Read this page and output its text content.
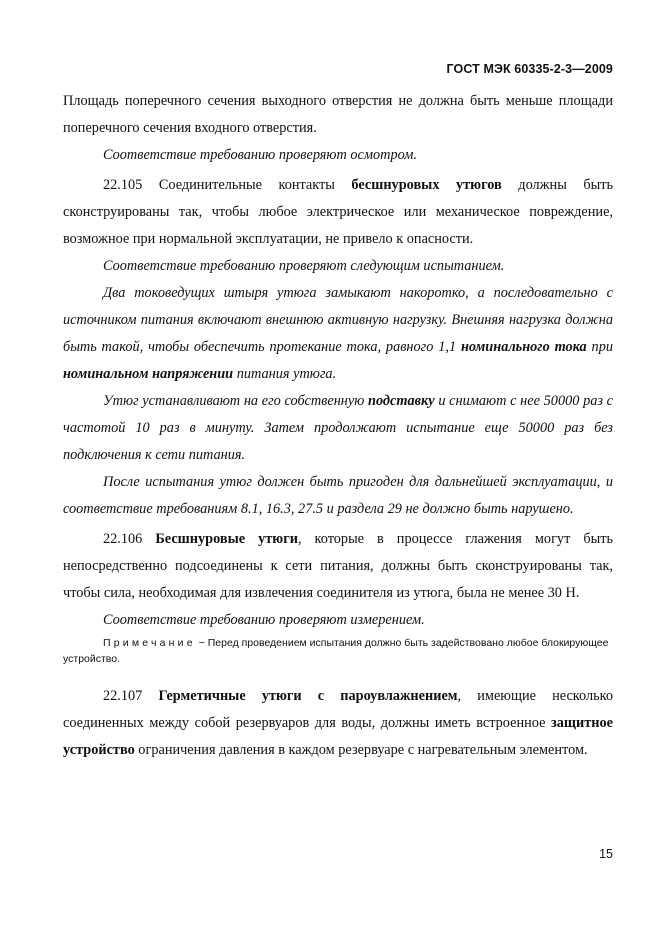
ГОСТ МЭК 60335-2-3—2009

Площадь поперечного сечения выходного отверстия не должна быть меньше площади поперечного сечения входного отверстия.

Соответствие требованию проверяют осмотром.

22.105 Соединительные контакты бесшнуровых утюгов должны быть сконструированы так, чтобы любое электрическое или механическое повреждение, возможное при нормальной эксплуатации, не привело к опасности.

Соответствие требованию проверяют следующим испытанием.

Два токоведущих штыря утюга замыкают накоротко, а последовательно с источником питания включают внешнюю активную нагрузку. Внешняя нагрузка должна быть такой, чтобы обеспечить протекание тока, равного 1,1 номинального тока при номинальном напряжении питания утюга.

Утюг устанавливают на его собственную подставку и снимают с нее 50000 раз с частотой 10 раз в минуту. Затем продолжают испытание еще 50000 раз без подключения к сети питания.

После испытания утюг должен быть пригоден для дальнейшей эксплуатации, и соответствие требованиям 8.1, 16.3, 27.5 и раздела 29 не должно быть нарушено.

22.106 Бесшнуровые утюги, которые в процессе глажения могут быть непосредственно подсоединены к сети питания, должны быть сконструированы так, чтобы сила, необходимая для извлечения соединителя из утюга, была не менее 30 Н.

Соответствие требованию проверяют измерением.

Примечание − Перед проведением испытания должно быть задействовано любое блокирующее устройство.

22.107 Герметичные утюги с пароувлажнением, имеющие несколько соединенных между собой резервуаров для воды, должны иметь встроенное защитное устройство ограничения давления в каждом резервуаре с нагревательным элементом.

15
